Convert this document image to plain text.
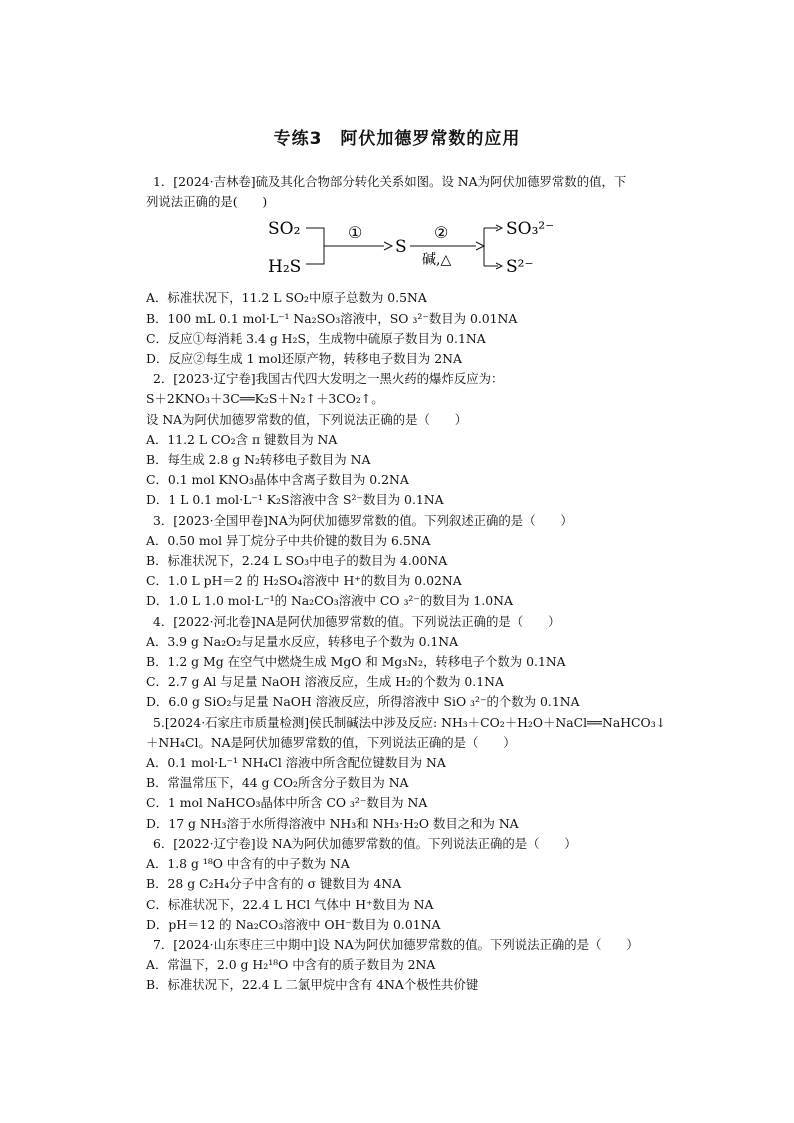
专练3　阿伏加德罗常数的应用
1．[2024·吉林卷]硫及其化合物部分转化关系如图。设 NA为阿伏加德罗常数的值，下
列说法正确的是(　　)
SO₂
H₂S
①
S
②
碱,△
SO₃²⁻
S²⁻
A．标准状况下，11.2 L SO₂中原子总数为 0.5NA
B．100 mL 0.1 mol·L⁻¹ Na₂SO₃溶液中，SO ₃²⁻数目为 0.01NA
C．反应①每消耗 3.4 g H₂S，生成物中硫原子数目为 0.1NA
D．反应②每生成 1 mol还原产物，转移电子数目为 2NA
2．[2023·辽宁卷]我国古代四大发明之一黑火药的爆炸反应为：
S＋2KNO₃＋3C══K₂S＋N₂↑＋3CO₂↑。
设 NA为阿伏加德罗常数的值，下列说法正确的是（　　）
A．11.2 L CO₂含 π 键数目为 NA
B．每生成 2.8 g N₂转移电子数目为 NA
C．0.1 mol KNO₃晶体中含离子数目为 0.2NA
D．1 L 0.1 mol·L⁻¹ K₂S溶液中含 S²⁻数目为 0.1NA
3．[2023·全国甲卷]NA为阿伏加德罗常数的值。下列叙述正确的是（　　）
A．0.50 mol 异丁烷分子中共价键的数目为 6.5NA
B．标准状况下，2.24 L SO₃中电子的数目为 4.00NA
C．1.0 L pH＝2 的 H₂SO₄溶液中 H⁺的数目为 0.02NA
D．1.0 L 1.0 mol·L⁻¹的 Na₂CO₃溶液中 CO ₃²⁻的数目为 1.0NA
4．[2022·河北卷]NA是阿伏加德罗常数的值。下列说法正确的是（　　）
A．3.9 g Na₂O₂与足量水反应，转移电子个数为 0.1NA
B．1.2 g Mg 在空气中燃烧生成 MgO 和 Mg₃N₂，转移电子个数为 0.1NA
C．2.7 g Al 与足量 NaOH 溶液反应，生成 H₂的个数为 0.1NA
D．6.0 g SiO₂与足量 NaOH 溶液反应，所得溶液中 SiO ₃²⁻的个数为 0.1NA
5.[2024·石家庄市质量检测]侯氏制碱法中涉及反应: NH₃＋CO₂＋H₂O＋NaCl══NaHCO₃↓
＋NH₄Cl。NA是阿伏加德罗常数的值，下列说法正确的是（　　）
A．0.1 mol·L⁻¹ NH₄Cl 溶液中所含配位键数目为 NA
B．常温常压下，44 g CO₂所含分子数目为 NA
C．1 mol NaHCO₃晶体中所含 CO ₃²⁻数目为 NA
D．17 g NH₃溶于水所得溶液中 NH₃和 NH₃·H₂O 数目之和为 NA
6．[2022·辽宁卷]设 NA为阿伏加德罗常数的值。下列说法正确的是（　　）
A．1.8 g ¹⁸O 中含有的中子数为 NA
B．28 g C₂H₄分子中含有的 σ 键数目为 4NA
C．标准状况下，22.4 L HCl 气体中 H⁺数目为 NA
D．pH＝12 的 Na₂CO₃溶液中 OH⁻数目为 0.01NA
7．[2024·山东枣庄三中期中]设 NA为阿伏加德罗常数的值。下列说法正确的是（　　）
A．常温下，2.0 g H₂¹⁸O 中含有的质子数目为 2NA
B．标准状况下，22.4 L 二氯甲烷中含有 4NA个极性共价键
